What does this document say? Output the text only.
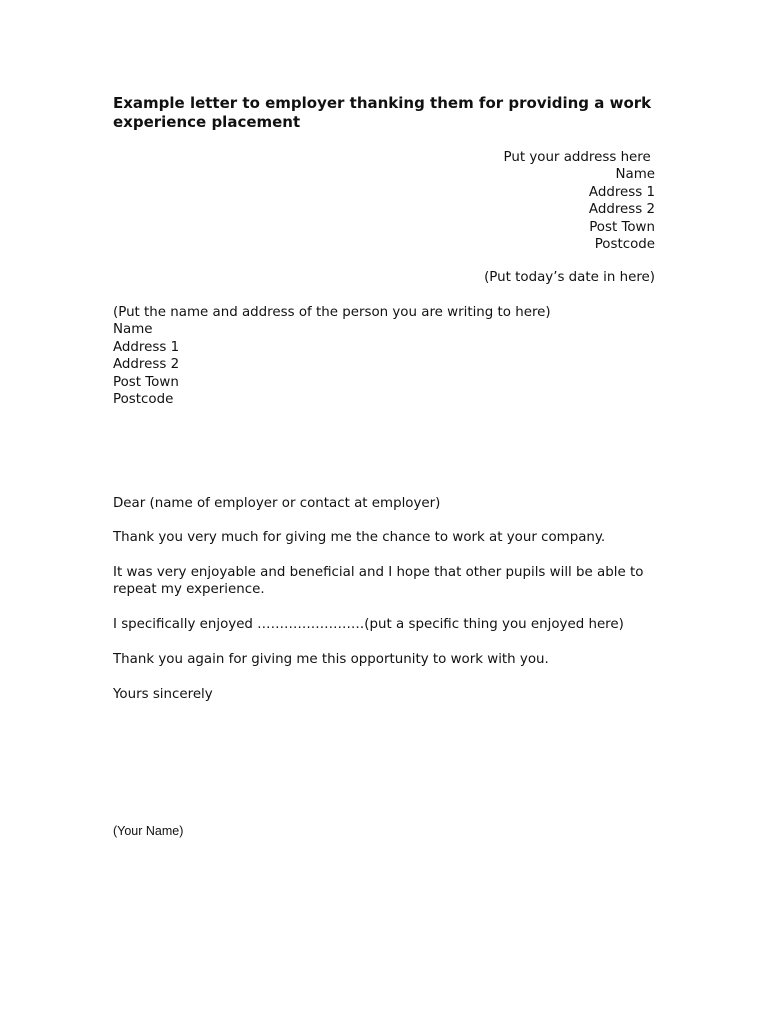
Example letter to employer thanking them for providing a work experience placement
Put your address here
Name
Address 1
Address 2
Post Town
Postcode
(Put today’s date in here)
(Put the name and address of the person you are writing to here)
Name
Address 1
Address 2
Post Town
Postcode

Dear (name of employer or contact at employer)

Thank you very much for giving me the chance to work at your company.

It was very enjoyable and beneficial and I hope that other pupils will be able to repeat my experience.

I specifically enjoyed ……………………(put a specific thing you enjoyed here)

Thank you again for giving me this opportunity to work with you.

Yours sincerely

(Your Name)
